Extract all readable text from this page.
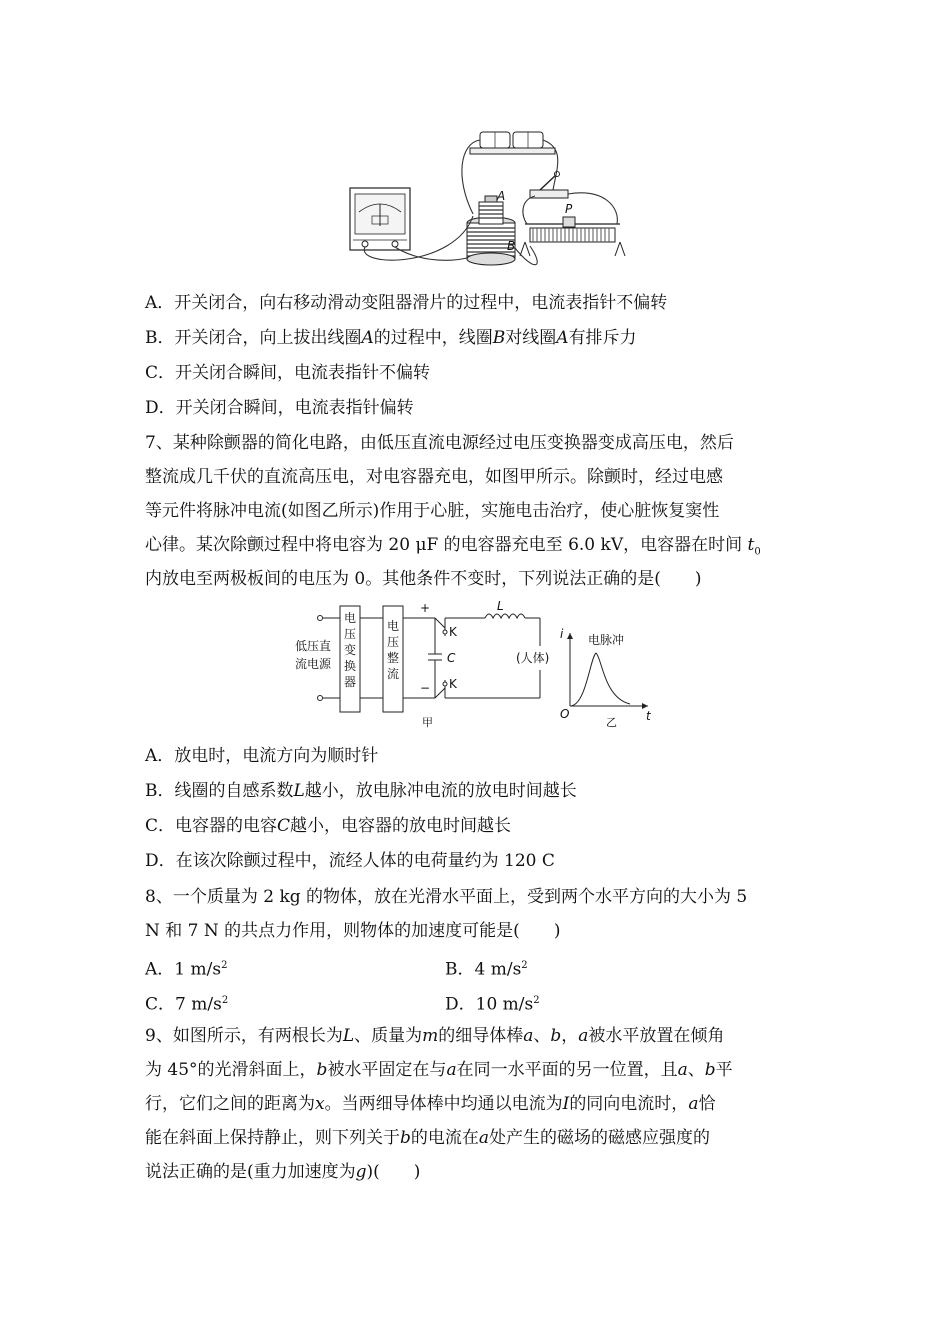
A
B
P
A．开关闭合，向右移动滑动变阻器滑片的过程中，电流表指针不偏转
B．开关闭合，向上拔出线圈A的过程中，线圈B对线圈A有排斥力
C．开关闭合瞬间，电流表指针不偏转
D．开关闭合瞬间，电流表指针偏转
7、某种除颤器的简化电路，由低压直流电源经过电压变换器变成高压电，然后
整流成几千伏的直流高压电，对电容器充电，如图甲所示。除颤时，经过电感
等元件将脉冲电流(如图乙所示)作用于心脏，实施电击治疗，使心脏恢复窦性
心律。某次除颤过程中将电容为 20 μF 的电容器充电至 6.0 kV，电容器在时间 $t_0$
内放电至两极板间的电压为 0。其他条件不变时，下列说法正确的是(　　)
低压直
流电源
电
压
变
换
器
电
压
整
流
+
−
K
K
C
L
(人体)
甲
i
t
O
电脉冲
乙
A．放电时，电流方向为顺时针
B．线圈的自感系数L越小，放电脉冲电流的放电时间越长
C．电容器的电容C越小，电容器的放电时间越长
D．在该次除颤过程中，流经人体的电荷量约为 120 C
8、一个质量为 2 kg 的物体，放在光滑水平面上，受到两个水平方向的大小为 5
N 和 7 N 的共点力作用，则物体的加速度可能是(　　)
A．1 $m/s^2$	B．4 $m/s^2$
C．7 $m/s^2$	D．10 $m/s^2$
9、如图所示，有两根长为L、质量为m的细导体棒a、b，a被水平放置在倾角
为 45°的光滑斜面上，b被水平固定在与a在同一水平面的另一位置，且a、b平
行，它们之间的距离为x。当两细导体棒中均通以电流为I的同向电流时，a恰
能在斜面上保持静止，则下列关于b的电流在a处产生的磁场的磁感应强度的
说法正确的是(重力加速度为g)(　　)
